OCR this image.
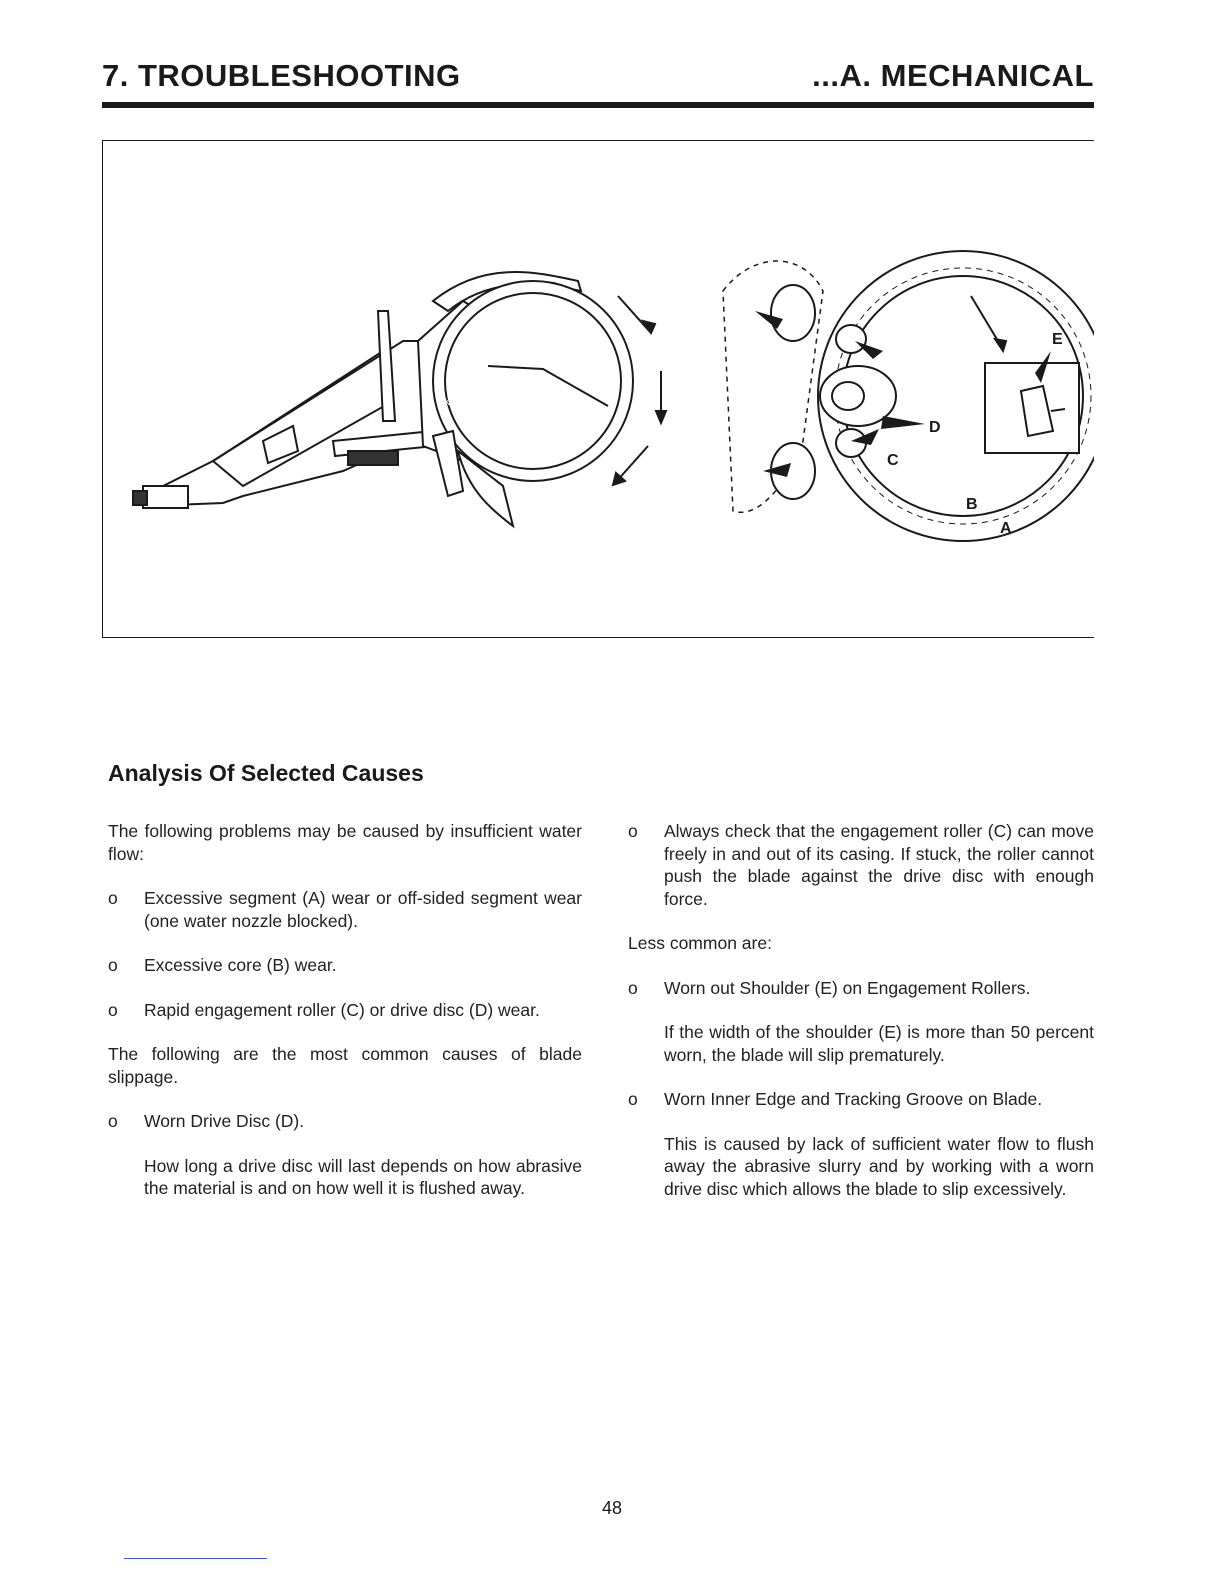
7. TROUBLESHOOTING	...A. MECHANICAL
K 3500
A
B
C
D
E
Analysis Of Selected Causes

The following problems may be caused by insufficient water flow:

o Excessive segment (A) wear or off-sided segment wear (one water nozzle blocked).
o Excessive core (B) wear.
o Rapid engagement roller (C) or drive disc (D) wear.

The following are the most common causes of blade slippage.

o Worn Drive Disc (D).

How long a drive disc will last depends on how abrasive the material is and on how well it is flushed away.

o Always check that the engagement roller (C) can move freely in and out of its casing. If stuck, the roller cannot push the blade against the drive disc with enough force.

Less common are:

o Worn out Shoulder (E) on Engagement Rollers.

If the width of the shoulder (E) is more than 50 percent worn, the blade will slip prematurely.

o Worn Inner Edge and Tracking Groove on Blade.

This is caused by lack of sufficient water flow to flush away the abrasive slurry and by working with a worn drive disc which allows the blade to slip excessively.

48
